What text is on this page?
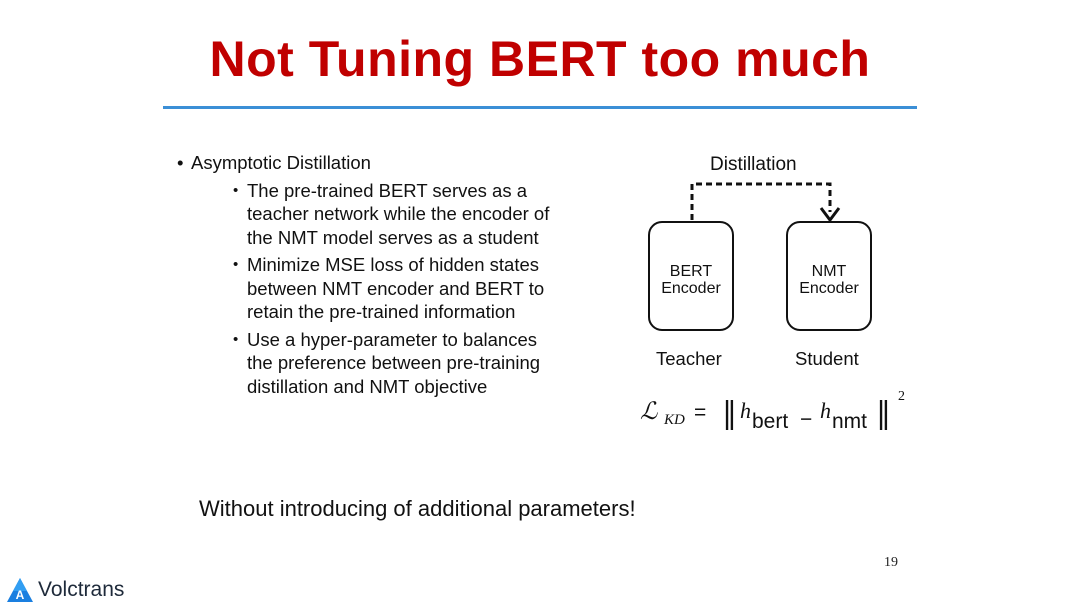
Not Tuning BERT too much
• Asymptotic Distillation
• The pre-trained BERT serves as a teacher network while the encoder of the NMT model serves as a student
• Minimize MSE loss of hidden states between NMT encoder and BERT to retain the pre-trained information
• Use a hyper-parameter to balances the preference between pre-training distillation and NMT objective
Distillation
BERT
Encoder
NMT
Encoder
Teacher	Student
ℒ KD = ‖ h bert − h nmt ‖ 2
Without introducing of additional parameters!
19
A Volctrans
